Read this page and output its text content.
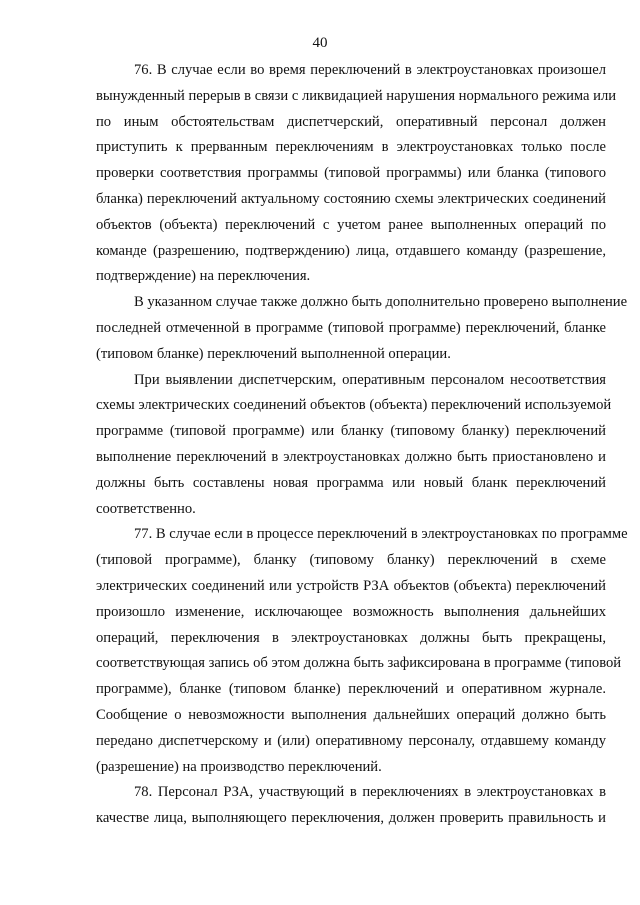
40
76. В случае если во время переключений в электроустановках произошел
вынужденный перерыв в связи с ликвидацией нарушения нормального режима или
по иным обстоятельствам диспетчерский, оперативный персонал должен
приступить к прерванным переключениям в электроустановках только после
проверки соответствия программы (типовой программы) или бланка (типового
бланка) переключений актуальному состоянию схемы электрических соединений
объектов (объекта) переключений с учетом ранее выполненных операций по
команде (разрешению, подтверждению) лица, отдавшего команду (разрешение,
подтверждение) на переключения.
В указанном случае также должно быть дополнительно проверено выполнение
последней отмеченной в программе (типовой программе) переключений, бланке
(типовом бланке) переключений выполненной операции.
При выявлении диспетчерским, оперативным персоналом несоответствия
схемы электрических соединений объектов (объекта) переключений используемой
программе (типовой программе) или бланку (типовому бланку) переключений
выполнение переключений в электроустановках должно быть приостановлено и
должны быть составлены новая программа или новый бланк переключений
соответственно.
77. В случае если в процессе переключений в электроустановках по программе
(типовой программе), бланку (типовому бланку) переключений в схеме
электрических соединений или устройств РЗА объектов (объекта) переключений
произошло изменение, исключающее возможность выполнения дальнейших
операций, переключения в электроустановках должны быть прекращены,
соответствующая запись об этом должна быть зафиксирована в программе (типовой
программе), бланке (типовом бланке) переключений и оперативном журнале.
Сообщение о невозможности выполнения дальнейших операций должно быть
передано диспетчерскому и (или) оперативному персоналу, отдавшему команду
(разрешение) на производство переключений.
78. Персонал РЗА, участвующий в переключениях в электроустановках в
качестве лица, выполняющего переключения, должен проверить правильность и
